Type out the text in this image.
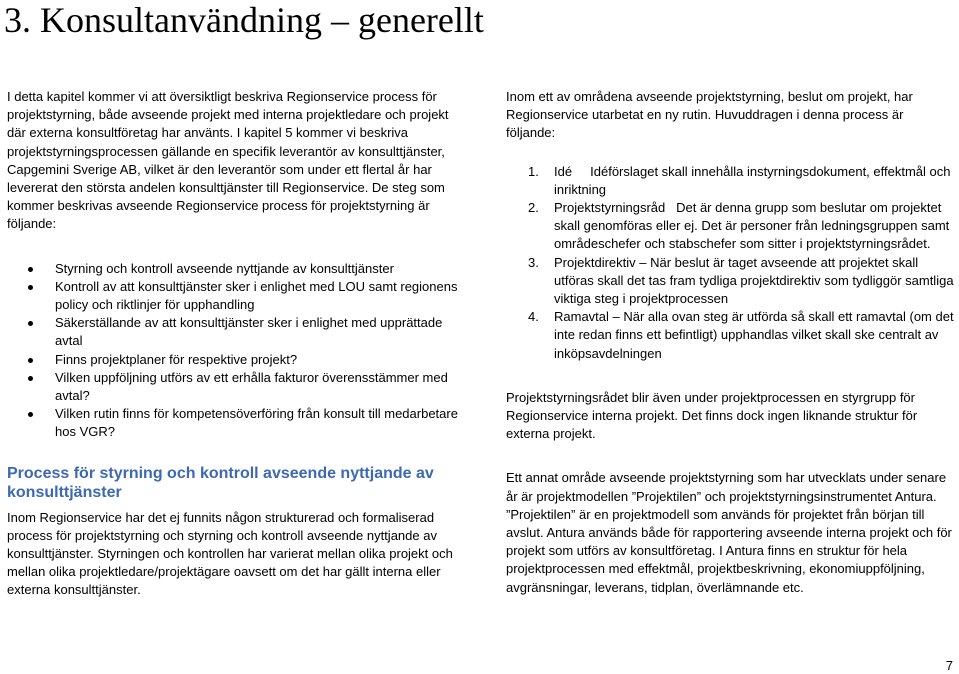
3. Konsultanvändning – generellt

I detta kapitel kommer vi att översiktligt beskriva Regionservice process för projektstyrning, både avseende projekt med interna projektledare och projekt där externa konsultföretag har använts. I kapitel 5 kommer vi beskriva projektstyrningsprocessen gällande en specifik leverantör av konsulttjänster, Capgemini Sverige AB, vilket är den leverantör som under ett flertal år har levererat den största andelen konsulttjänster till Regionservice. De steg som kommer beskrivas avseende Regionservice process för projektstyrning är följande:

Styrning och kontroll avseende nyttjande av konsulttjänster
Kontroll av att konsulttjänster sker i enlighet med LOU samt regionens policy och riktlinjer för upphandling
Säkerställande av att konsulttjänster sker i enlighet med upprättade avtal
Finns projektplaner för respektive projekt?
Vilken uppföljning utförs av ett erhålla fakturor överensstämmer med avtal?
Vilken rutin finns för kompetensöverföring från konsult till medarbetare hos VGR?
Process för styrning och kontroll avseende nyttjande av konsulttjänster

Inom Regionservice har det ej funnits någon strukturerad och formaliserad process för projektstyrning och styrning och kontroll avseende nyttjande av konsulttjänster. Styrningen och kontrollen har varierat mellan olika projekt och mellan olika projektledare/projektägare oavsett om det har gällt interna eller externa konsulttjänster.

Inom ett av områdena avseende projektstyrning, beslut om projekt, har Regionservice utarbetat en ny rutin. Huvuddragen i denna process är följande:

1. Idé     Idéförslaget skall innehålla instyrningsdokument, effektmål och inriktning
2. Projektstyrningsråd   Det är denna grupp som beslutar om projektet skall genomföras eller ej. Det är personer från ledningsgruppen samt områdeschefer och stabschefer som sitter i projektstyrningsrådet.
3. Projektdirektiv – När beslut är taget avseende att projektet skall utföras skall det tas fram tydliga projektdirektiv som tydliggör samtliga viktiga steg i projektprocessen
4. Ramavtal – När alla ovan steg är utförda så skall ett ramavtal (om det inte redan finns ett befintligt) upphandlas vilket skall ske centralt av inköpsavdelningen

Projektstyrningsrådet blir även under projektprocessen en styrgrupp för Regionservice interna projekt. Det finns dock ingen liknande struktur för externa projekt.

Ett annat område avseende projektstyrning som har utvecklats under senare år är projektmodellen ”Projektilen” och projektstyrningsinstrumentet Antura. ”Projektilen” är en projektmodell som används för projektet från början till avslut. Antura används både för rapportering avseende interna projekt och för projekt som utförs av konsultföretag. I Antura finns en struktur för hela projektprocessen med effektmål, projektbeskrivning, ekonomiuppföljning, avgränsningar, leverans, tidplan, överlämnande etc.

7
